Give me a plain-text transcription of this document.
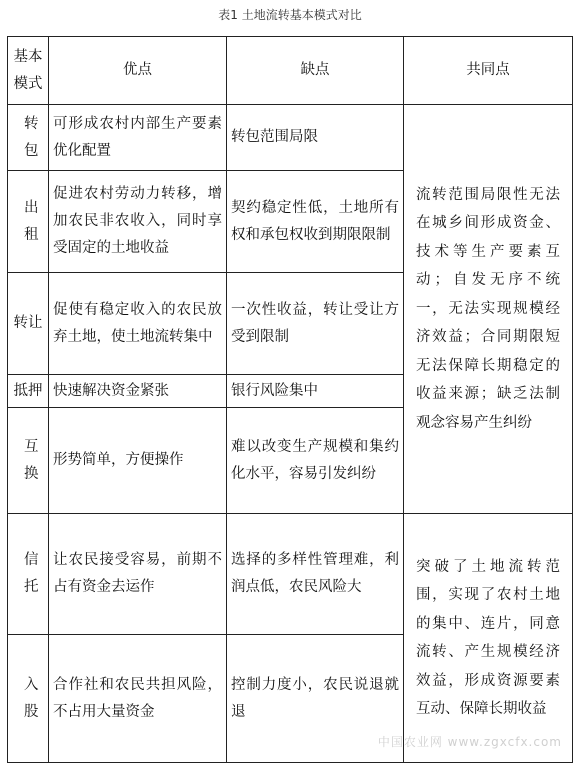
表1 土地流转基本模式对比
基本模式	优点	缺点	共同点
转包	可形成农村内部生产要素优化配置	转包范围局限	流转范围局限性无法在城乡间形成资金、技术等生产要素互动；自发无序不统一，无法实现规模经济效益；合同期限短无法保障长期稳定的收益来源；缺乏法制观念容易产生纠纷
出租	促进农村劳动力转移，增加农民非农收入，同时享受固定的土地收益	契约稳定性低，土地所有权和承包权收到期限限制	
转让	促使有稳定收入的农民放弃土地，使土地流转集中	一次性收益，转让受让方受到限制	
抵押	快速解决资金紧张	银行风险集中	
互换	形势简单，方便操作	难以改变生产规模和集约化水平，容易引发纠纷	
信托	让农民接受容易，前期不占有资金去运作	选择的多样性管理难，利润点低，农民风险大	突破了土地流转范围，实现了农村土地的集中、连片，同意流转、产生规模经济效益，形成资源要素互动、保障长期收益
入股	合作社和农民共担风险，不占用大量资金	控制力度小，农民说退就退	
中国农业网 www.zgxcfx.com
